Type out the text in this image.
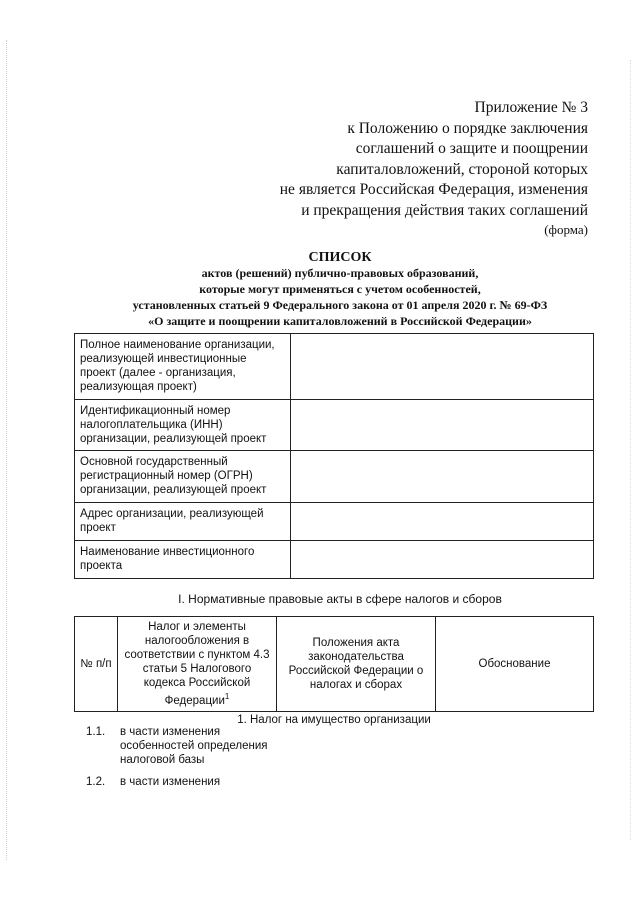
Приложение № 3
к Положению о порядке заключения
соглашений о защите и поощрении
капиталовложений, стороной которых
не является Российская Федерация, изменения
и прекращения действия таких соглашений
(форма)
СПИСОК
актов (решений) публично-правовых образований,
которые могут применяться с учетом особенностей,
установленных статьей 9 Федерального закона от 01 апреля 2020 г. № 69-ФЗ
«О защите и поощрении капиталовложений в Российской Федерации»
Полное наименование организации, реализующей инвестиционные проект (далее - организация, реализующая проект)	
Идентификационный номер налогоплательщика (ИНН) организации, реализующей проект	
Основной государственный регистрационный номер (ОГРН) организации, реализующей проект	
Адрес организации, реализующей проект	
Наименование инвестиционного проекта	
I. Нормативные правовые акты в сфере налогов и сборов
№ п/п	Налог и элементы налогообложения в соответствии с пунктом 4.3 статьи 5 Налогового кодекса Российской Федерации$^1$	Положения акта законодательства Российской Федерации о налогах и сборах	Обоснование
1. Налог на имущество организации
1.1. в части изменения особенностей определения налоговой базы
1.2. в части изменения
